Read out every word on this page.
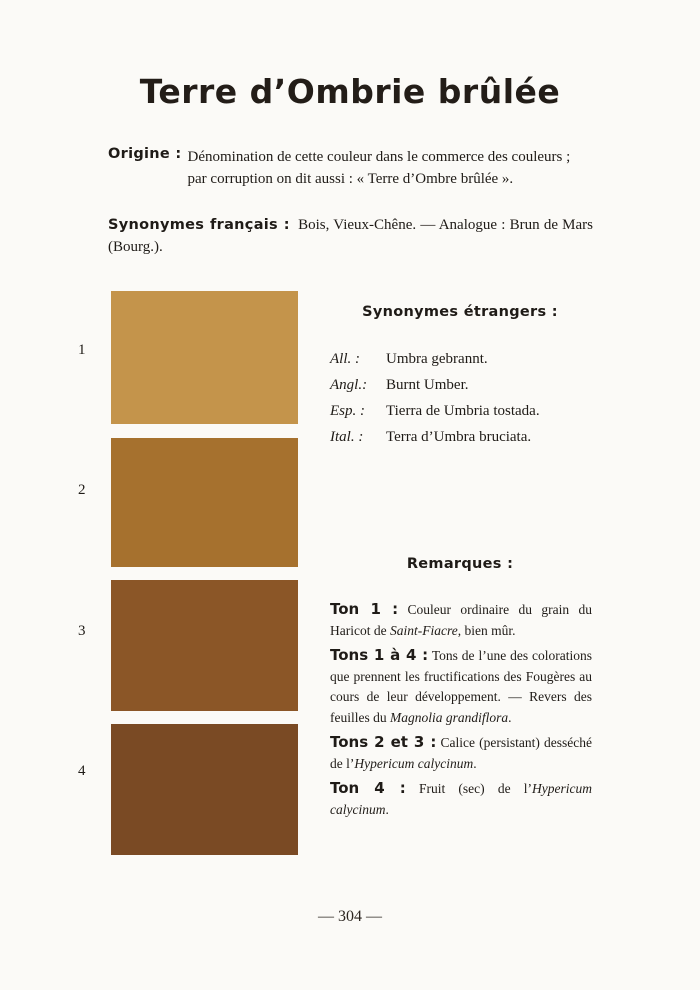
Terre d’Ombrie brûlée
Origine : Dénomination de cette couleur dans le commerce des couleurs ;
par corruption on dit aussi : « Terre d’Ombre brûlée ».
Synonymes français : Bois, Vieux-Chêne. — Analogue : Brun de Mars (Bourg.).
1
2
3
4
Synonymes étrangers :
All. :	Umbra gebrannt.
Angl.:	Burnt Umber.
Esp. :	Tierra de Umbria tostada.
Ital. :	Terra d’Umbra bruciata.
Remarques :
Ton 1 : Couleur ordinaire du grain du Haricot de Saint-Fiacre, bien mûr.
Tons 1 à 4 : Tons de l’une des colorations que prennent les fructifications des Fougères au cours de leur développement. — Revers des feuilles du Magnolia grandiflora.
Tons 2 et 3 : Calice (persistant) desséché de l’Hypericum calycinum.
Ton 4 : Fruit (sec) de l’Hypericum calycinum.
— 304 —
